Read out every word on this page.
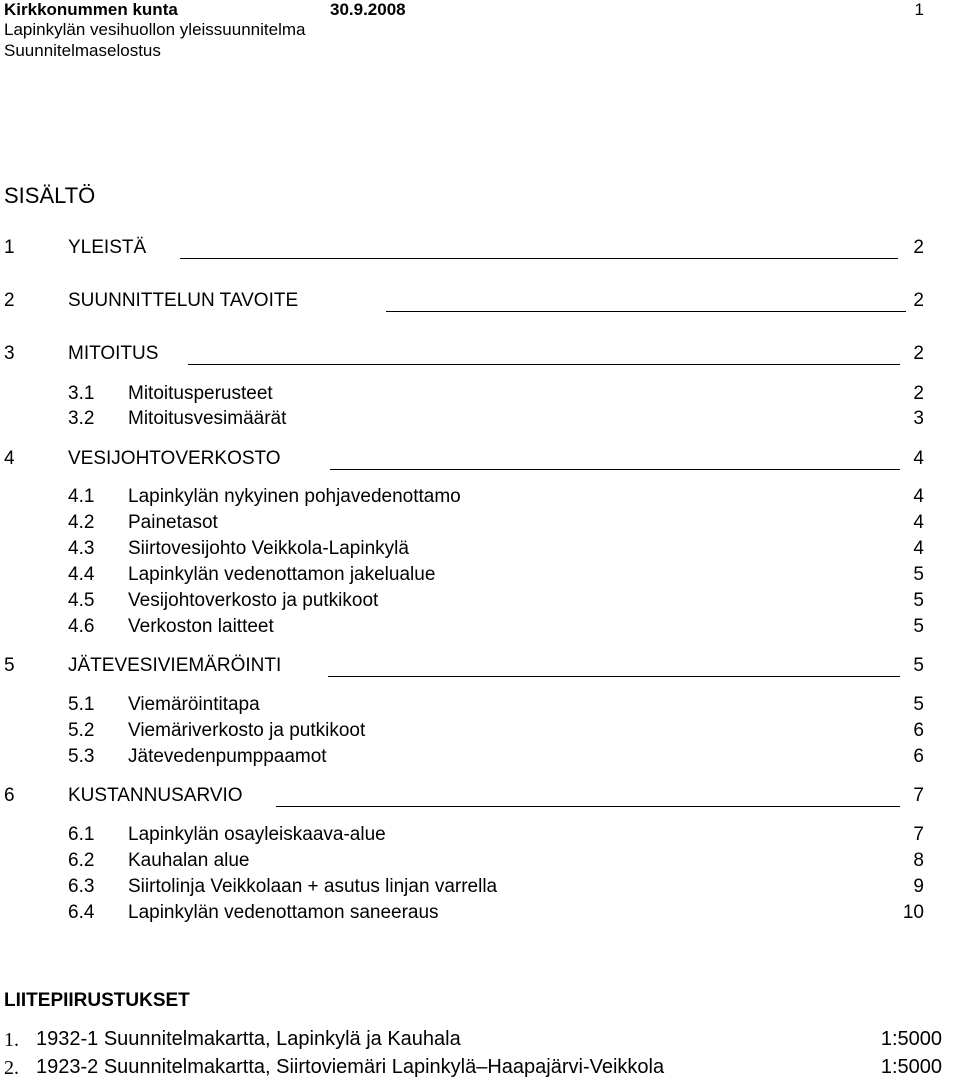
Kirkkonummen kunta	30.9.2008	1
Lapinkylän vesihuollon yleissuunnitelma
Suunnitelmaselostus
SISÄLTÖ
1	YLEISTÄ	2
2	SUUNNITTELUN TAVOITE	2
3	MITOITUS	2
3.1 Mitoitusperusteet	2
3.2 Mitoitusvesimäärät	3
4	VESIJOHTOVERKOSTO	4
4.1 Lapinkylän nykyinen pohjavedenottamo	4
4.2 Painetasot	4
4.3 Siirtovesijohto Veikkola-Lapinkylä	4
4.4 Lapinkylän vedenottamon jakelualue	5
4.5 Vesijohtoverkosto ja putkikoot	5
4.6 Verkoston laitteet	5
5	JÄTEVESIVIEMÄRÖINTI	5
5.1 Viemäröintitapa	5
5.2 Viemäriverkosto ja putkikoot	6
5.3 Jätevedenpumppaamot	6
6	KUSTANNUSARVIO	7
6.1 Lapinkylän osayleiskaava-alue	7
6.2 Kauhalan alue	8
6.3 Siirtolinja Veikkolaan + asutus linjan varrella	9
6.4 Lapinkylän vedenottamon saneeraus	10
LIITEPIIRUSTUKSET
1. 1932-1 Suunnitelmakartta, Lapinkylä ja Kauhala	1:5000
2. 1923-2 Suunnitelmakartta, Siirtoviemäri Lapinkylä–Haapajärvi-Veikkola	1:5000
